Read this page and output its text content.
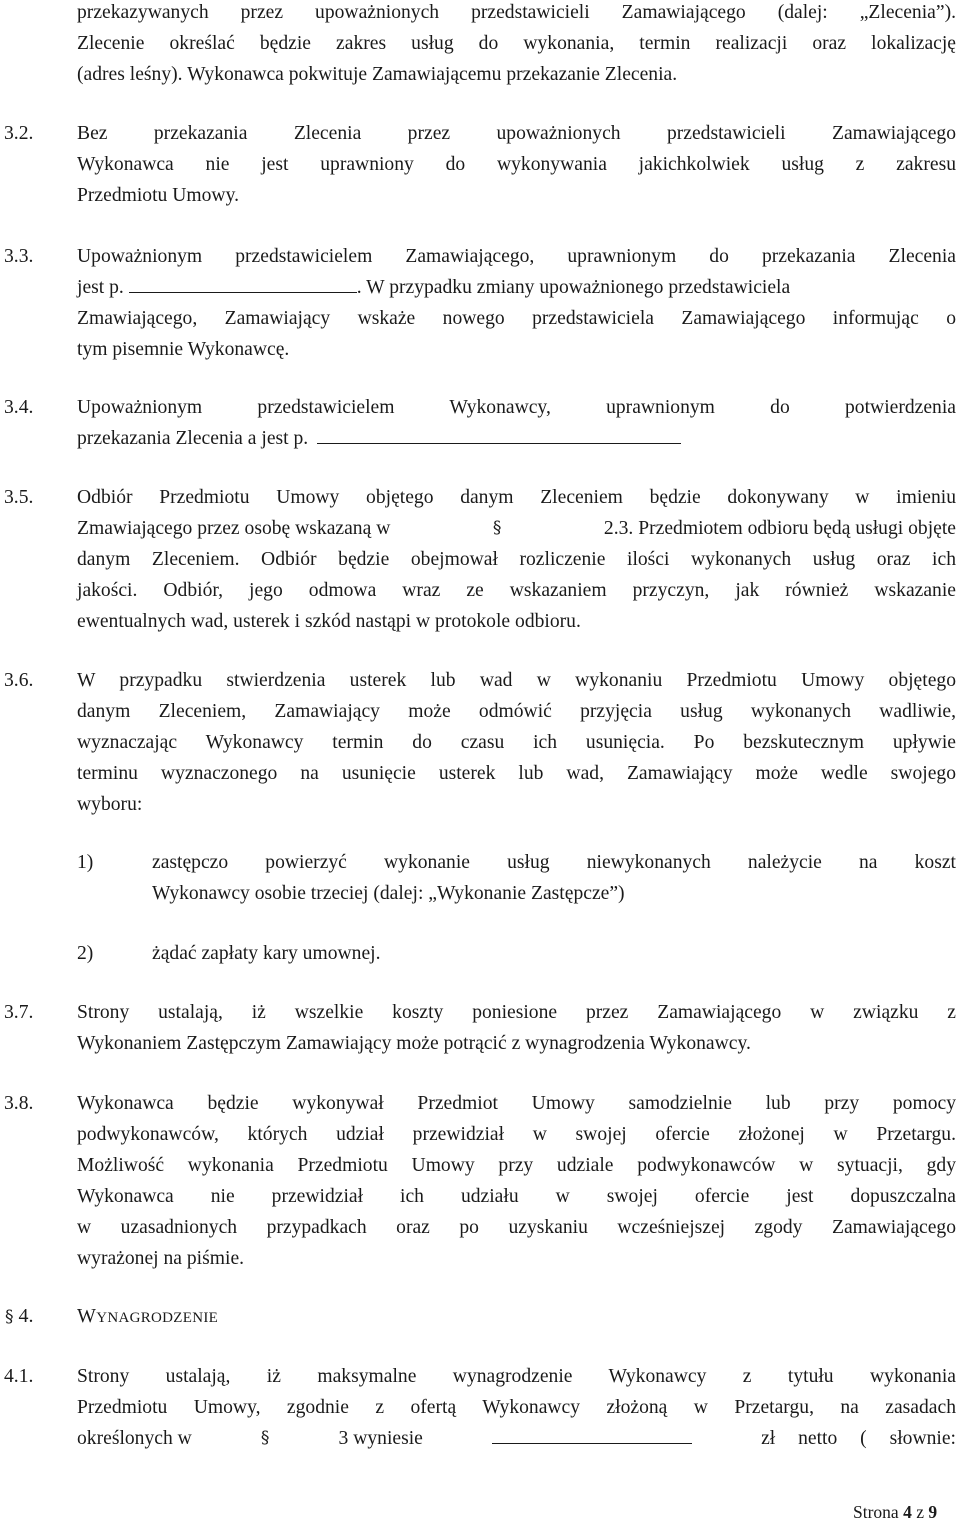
przekazywanych przez upoważnionych przedstawicieli Zamawiającego (dalej: „Zlecenia”).
Zlecenie określać będzie zakres usług do wykonania, termin realizacji oraz lokalizację
(adres leśny). Wykonawca pokwituje Zamawiającemu przekazanie Zlecenia.
3.2.	Bez przekazania Zlecenia przez upoważnionych przedstawicieli Zamawiającego
Wykonawca nie jest uprawniony do wykonywania jakichkolwiek usług z zakresu
Przedmiotu Umowy.
3.3.	Upoważnionym przedstawicielem Zamawiającego, uprawnionym do przekazania Zlecenia
jest p.	. W przypadku zmiany upoważnionego przedstawiciela
Zmawiającego, Zamawiający wskaże nowego przedstawiciela Zamawiającego informując o
tym pisemnie Wykonawcę.
3.4.	Upoważnionym przedstawicielem Wykonawcy, uprawnionym do potwierdzenia
przekazania Zlecenia a jest p.
3.5.	Odbiór Przedmiotu Umowy objętego danym Zleceniem będzie dokonywany w imieniu
Zmawiającego przez osobę wskazaną w	§	2.3. Przedmiotem odbioru będą usługi objęte
danym Zleceniem. Odbiór będzie obejmował rozliczenie ilości wykonanych usług oraz ich
jakości. Odbiór, jego odmowa wraz ze wskazaniem przyczyn, jak również wskazanie
ewentualnych wad, usterek i szkód nastąpi w protokole odbioru.
3.6.	W przypadku stwierdzenia usterek lub wad w wykonaniu Przedmiotu Umowy objętego
danym Zleceniem, Zamawiający może odmówić przyjęcia usług wykonanych wadliwie,
wyznaczając Wykonawcy termin do czasu ich usunięcia. Po bezskutecznym upływie
terminu wyznaczonego na usunięcie usterek lub wad, Zamawiający może wedle swojego
wyboru:
1)	zastępczo powierzyć wykonanie usług niewykonanych należycie na koszt
Wykonawcy osobie trzeciej (dalej: „Wykonanie Zastępcze”)
2)	żądać zapłaty kary umownej.
3.7.	Strony ustalają, iż wszelkie koszty poniesione przez Zamawiającego w związku z
Wykonaniem Zastępczym Zamawiający może potrącić z wynagrodzenia Wykonawcy.
3.8.	Wykonawca będzie wykonywał Przedmiot Umowy samodzielnie lub przy pomocy
podwykonawców, których udział przewidział w swojej ofercie złożonej w Przetargu.
Możliwość wykonania Przedmiotu Umowy przy udziale podwykonawców w sytuacji, gdy
Wykonawca nie przewidział ich udziału w swojej ofercie jest dopuszczalna
w uzasadnionych przypadkach oraz po uzyskaniu wcześniejszej zgody Zamawiającego
wyrażonej na piśmie.
§ 4. WYNAGRODZENIE
4.1.	Strony ustalają, iż maksymalne wynagrodzenie Wykonawcy z tytułu wykonania
Przedmiotu Umowy, zgodnie z ofertą Wykonawcy złożoną w Przetargu, na zasadach
określonych w	§	3 wyniesie	zł netto ( słownie:
Strona 4 z 9
